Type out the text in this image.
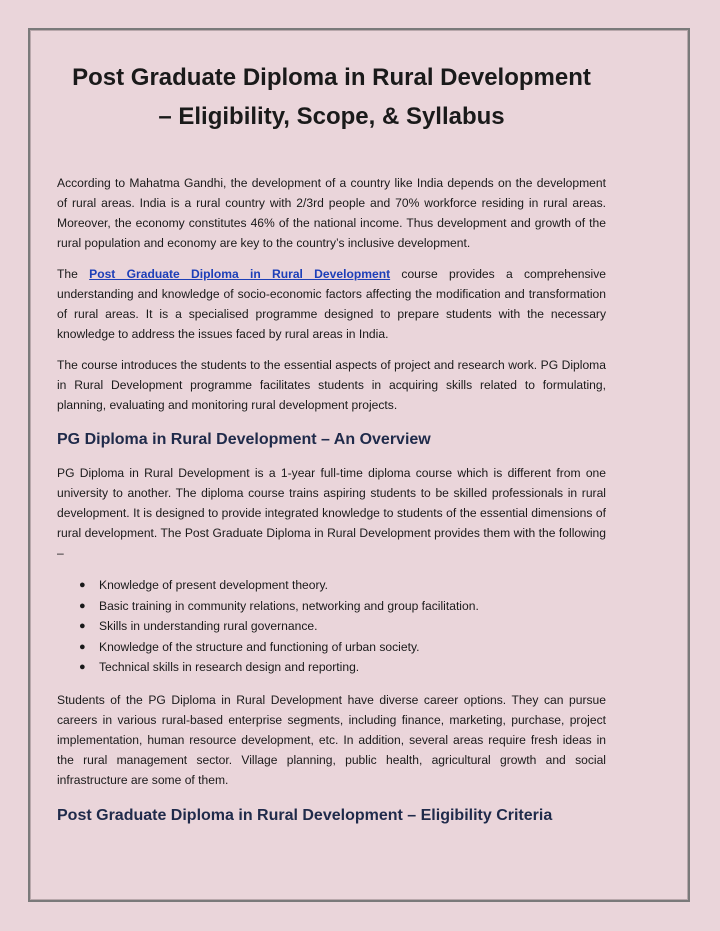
Post Graduate Diploma in Rural Development
– Eligibility, Scope, & Syllabus

According to Mahatma Gandhi, the development of a country like India depends on the development of rural areas. India is a rural country with 2/3rd people and 70% workforce residing in rural areas. Moreover, the economy constitutes 46% of the national income. Thus development and growth of the rural population and economy are key to the country’s inclusive development.

The Post Graduate Diploma in Rural Development course provides a comprehensive understanding and knowledge of socio-economic factors affecting the modification and transformation of rural areas. It is a specialised programme designed to prepare students with the necessary knowledge to address the issues faced by rural areas in India.

The course introduces the students to the essential aspects of project and research work. PG Diploma in Rural Development programme facilitates students in acquiring skills related to formulating, planning, evaluating and monitoring rural development projects.

PG Diploma in Rural Development – An Overview

PG Diploma in Rural Development is a 1-year full-time diploma course which is different from one university to another. The diploma course trains aspiring students to be skilled professionals in rural development. It is designed to provide integrated knowledge to students of the essential dimensions of rural development. The Post Graduate Diploma in Rural Development provides them with the following –

● Knowledge of present development theory.
● Basic training in community relations, networking and group facilitation.
● Skills in understanding rural governance.
● Knowledge of the structure and functioning of urban society.
● Technical skills in research design and reporting.

Students of the PG Diploma in Rural Development have diverse career options. They can pursue careers in various rural-based enterprise segments, including finance, marketing, purchase, project implementation, human resource development, etc. In addition, several areas require fresh ideas in the rural management sector. Village planning, public health, agricultural growth and social infrastructure are some of them.

Post Graduate Diploma in Rural Development – Eligibility Criteria
